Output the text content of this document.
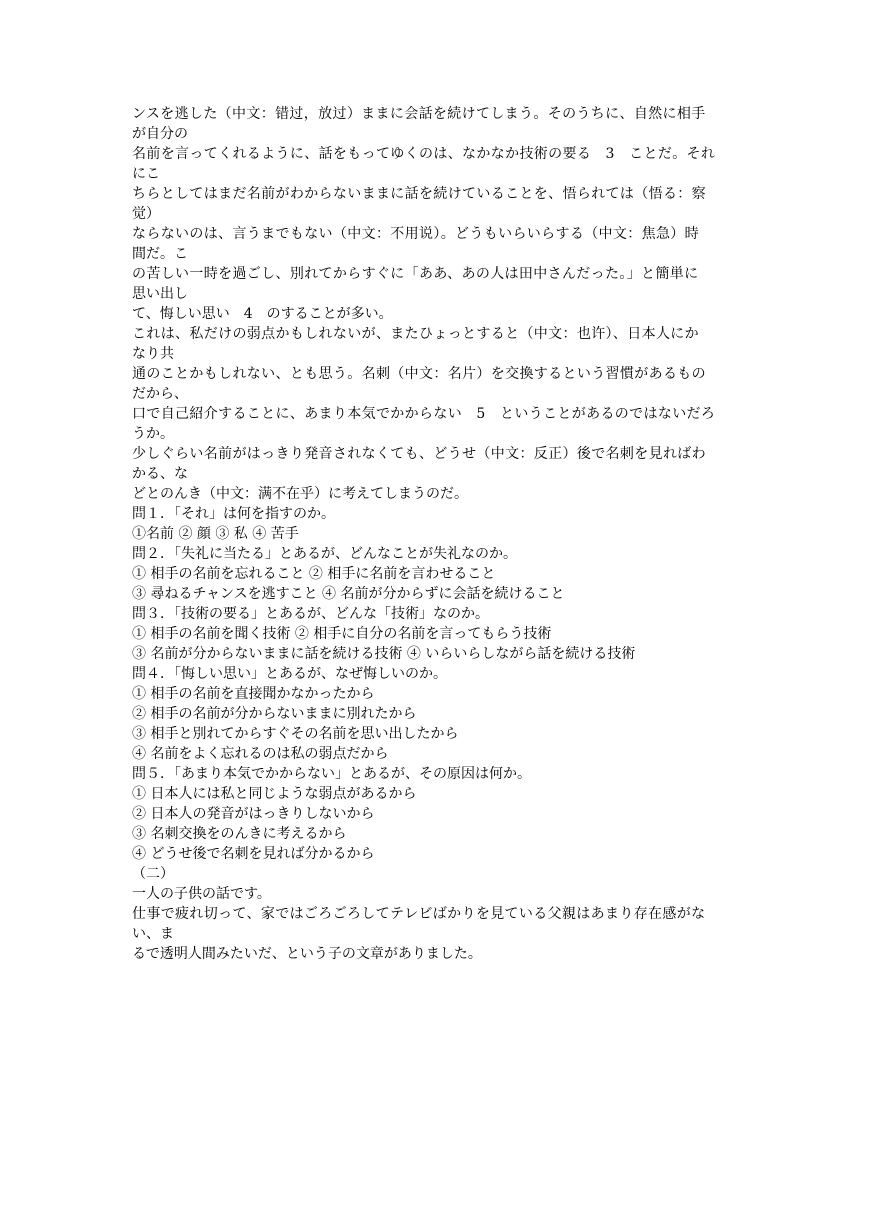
ンスを逃した（中文：错过，放过）ままに会話を続けてしまう。そのうちに、自然に相手
が自分の
名前を言ってくれるように、話をもってゆくのは、なかなか技術の要る　3　ことだ。それ
にこ
ちらとしてはまだ名前がわからないままに話を続けていることを、悟られては（悟る：察
觉）
ならないのは、言うまでもない（中文：不用说）。どうもいらいらする（中文：焦急）時
間だ。こ
の苦しい一時を過ごし、別れてからすぐに「ああ、あの人は田中さんだった。」と簡単に
思い出し
て、悔しい思い　4　のすることが多い。
これは、私だけの弱点かもしれないが、またひょっとすると（中文：也许）、日本人にか
なり共
通のことかもしれない、とも思う。名刺（中文：名片）を交換するという習慣があるもの
だから、
口で自己紹介することに、あまり本気でかからない　5　ということがあるのではないだろ
うか。
少しぐらい名前がはっきり発音されなくても、どうせ（中文：反正）後で名刺を見ればわ
かる、な
どとのんき（中文：满不在乎）に考えてしまうのだ。
問１．「それ」は何を指すのか。
①名前 ② 顔 ③ 私 ④ 苦手
問２．「失礼に当たる」とあるが、どんなことが失礼なのか。
① 相手の名前を忘れること ② 相手に名前を言わせること
③ 尋ねるチャンスを逃すこと ④ 名前が分からずに会話を続けること
問３．「技術の要る」とあるが、どんな「技術」なのか。
① 相手の名前を聞く技術 ② 相手に自分の名前を言ってもらう技術
③ 名前が分からないままに話を続ける技術 ④ いらいらしながら話を続ける技術
問４．「悔しい思い」とあるが、なぜ悔しいのか。
① 相手の名前を直接聞かなかったから
② 相手の名前が分からないままに別れたから
③ 相手と別れてからすぐその名前を思い出したから
④ 名前をよく忘れるのは私の弱点だから
問５．「あまり本気でかからない」とあるが、その原因は何か。
① 日本人には私と同じような弱点があるから
② 日本人の発音がはっきりしないから
③ 名刺交換をのんきに考えるから
④ どうせ後で名刺を見れば分かるから
（二）
一人の子供の話です。
仕事で疲れ切って、家ではごろごろしてテレビばかりを見ている父親はあまり存在感がな
い、ま
るで透明人間みたいだ、という子の文章がありました。
